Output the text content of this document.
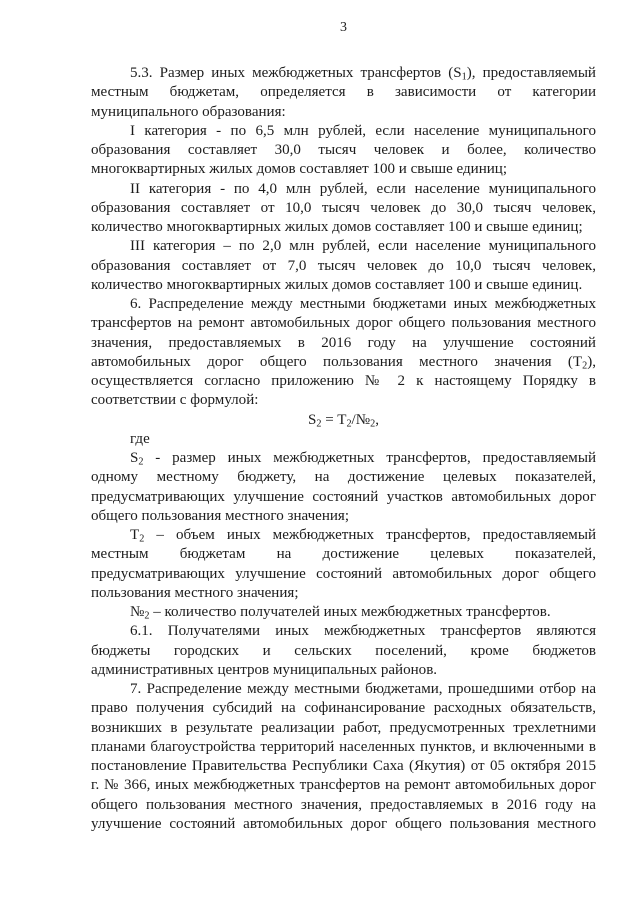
3
5.3. Размер иных межбюджетных трансфертов $(S_1)$, предоставляемый
местным бюджетам, определяется в зависимости от категории
муниципального образования:
I категория - по 6,5 млн рублей, если население муниципального
образования составляет 30,0 тысяч человек и более, количество
многоквартирных жилых домов составляет 100 и свыше единиц;
II категория - по 4,0 млн рублей, если население муниципального
образования составляет от 10,0 тысяч человек до 30,0 тысяч человек,
количество многоквартирных жилых домов составляет 100 и свыше единиц;
III категория – по 2,0 млн рублей, если население муниципального
образования составляет от 7,0 тысяч человек до 10,0 тысяч человек,
количество многоквартирных жилых домов составляет 100 и свыше единиц.
6. Распределение между местными бюджетами иных межбюджетных
трансфертов на ремонт автомобильных дорог общего пользования местного
значения, предоставляемых в 2016 году на улучшение состояний
автомобильных дорог общего пользования местного значения $(T_2)$,
осуществляется согласно приложению № 2 к настоящему Порядку в
соответствии с формулой:
$S_2$ = $T_2/№_2$,
где
$S_2$ - размер иных межбюджетных трансфертов, предоставляемый
одному местному бюджету, на достижение целевых показателей,
предусматривающих улучшение состояний участков автомобильных дорог
общего пользования местного значения;
$T_2$ – объем иных межбюджетных трансфертов, предоставляемый
местным бюджетам на достижение целевых показателей,
предусматривающих улучшение состояний автомобильных дорог общего
пользования местного значения;
$№_2$ – количество получателей иных межбюджетных трансфертов.
6.1. Получателями иных межбюджетных трансфертов являются
бюджеты городских и сельских поселений, кроме бюджетов
административных центров муниципальных районов.
7. Распределение между местными бюджетами, прошедшими отбор на
право получения субсидий на софинансирование расходных обязательств,
возникших в результате реализации работ, предусмотренных трехлетними
планами благоустройства территорий населенных пунктов, и включенными в
постановление Правительства Республики Саха (Якутия) от 05 октября 2015
г. № 366, иных межбюджетных трансфертов на ремонт автомобильных дорог
общего пользования местного значения, предоставляемых в 2016 году на
улучшение состояний автомобильных дорог общего пользования местного
